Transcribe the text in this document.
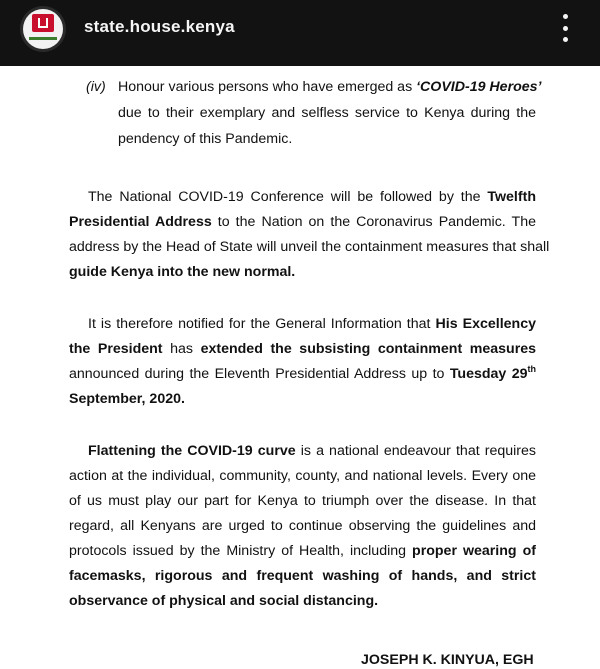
state.house.kenya
(iv) Honour various persons who have emerged as ‘COVID-19 Heroes’
due to their exemplary and selfless service to Kenya during the
pendency of this Pandemic.
The National COVID-19 Conference will be followed by the Twelfth
Presidential Address to the Nation on the Coronavirus Pandemic. The
address by the Head of State will unveil the containment measures that shall
guide Kenya into the new normal.
It is therefore notified for the General Information that His Excellency
the President has extended the subsisting containment measures
announced during the Eleventh Presidential Address up to Tuesday 29th
September, 2020.
Flattening the COVID-19 curve is a national endeavour that requires
action at the individual, community, county, and national levels. Every one
of us must play our part for Kenya to triumph over the disease. In that
regard, all Kenyans are urged to continue observing the guidelines and
protocols issued by the Ministry of Health, including proper wearing of
facemasks, rigorous and frequent washing of hands, and strict
observance of physical and social distancing.
JOSEPH K. KINYUA, EGH
